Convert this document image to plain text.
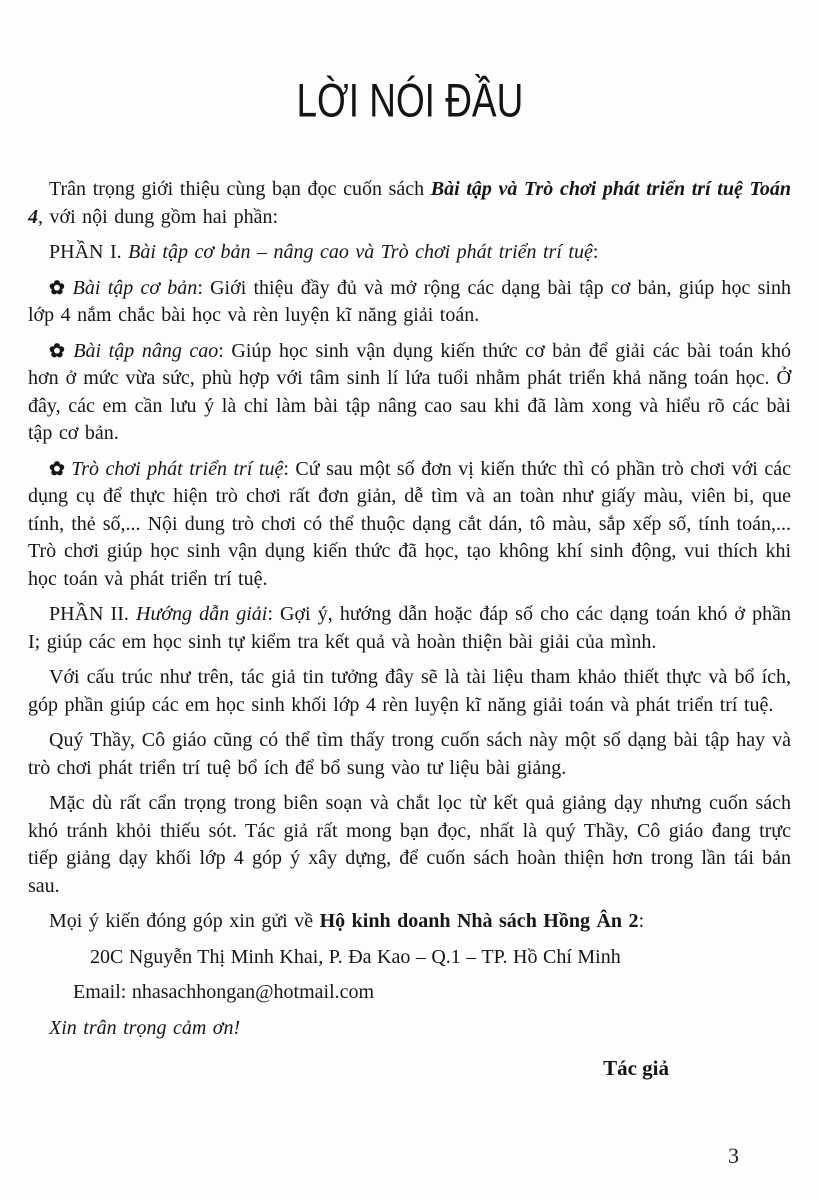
LỜI NÓI ĐẦU

Trân trọng giới thiệu cùng bạn đọc cuốn sách Bài tập và Trò chơi phát triển trí tuệ Toán 4, với nội dung gồm hai phần:

PHẦN I. Bài tập cơ bản – nâng cao và Trò chơi phát triển trí tuệ:

✿ Bài tập cơ bản: Giới thiệu đầy đủ và mở rộng các dạng bài tập cơ bản, giúp học sinh lớp 4 nắm chắc bài học và rèn luyện kĩ năng giải toán.

✿ Bài tập nâng cao: Giúp học sinh vận dụng kiến thức cơ bản để giải các bài toán khó hơn ở mức vừa sức, phù hợp với tâm sinh lí lứa tuổi nhằm phát triển khả năng toán học. Ở đây, các em cần lưu ý là chỉ làm bài tập nâng cao sau khi đã làm xong và hiểu rõ các bài tập cơ bản.

✿ Trò chơi phát triển trí tuệ: Cứ sau một số đơn vị kiến thức thì có phần trò chơi với các dụng cụ để thực hiện trò chơi rất đơn giản, dễ tìm và an toàn như giấy màu, viên bi, que tính, thẻ số,... Nội dung trò chơi có thể thuộc dạng cắt dán, tô màu, sắp xếp số, tính toán,... Trò chơi giúp học sinh vận dụng kiến thức đã học, tạo không khí sinh động, vui thích khi học toán và phát triển trí tuệ.

PHẦN II. Hướng dẫn giải: Gợi ý, hướng dẫn hoặc đáp số cho các dạng toán khó ở phần I; giúp các em học sinh tự kiểm tra kết quả và hoàn thiện bài giải của mình.

Với cấu trúc như trên, tác giả tin tưởng đây sẽ là tài liệu tham khảo thiết thực và bổ ích, góp phần giúp các em học sinh khối lớp 4 rèn luyện kĩ năng giải toán và phát triển trí tuệ.

Quý Thầy, Cô giáo cũng có thể tìm thấy trong cuốn sách này một số dạng bài tập hay và trò chơi phát triển trí tuệ bổ ích để bổ sung vào tư liệu bài giảng.

Mặc dù rất cẩn trọng trong biên soạn và chắt lọc từ kết quả giảng dạy nhưng cuốn sách khó tránh khỏi thiếu sót. Tác giả rất mong bạn đọc, nhất là quý Thầy, Cô giáo đang trực tiếp giảng dạy khối lớp 4 góp ý xây dựng, để cuốn sách hoàn thiện hơn trong lần tái bản sau.

Mọi ý kiến đóng góp xin gửi về Hộ kinh doanh Nhà sách Hồng Ân 2:

20C Nguyễn Thị Minh Khai, P. Đa Kao – Q.1 – TP. Hồ Chí Minh

Email: nhasachhongan@hotmail.com

Xin trân trọng cảm ơn!

Tác giả
3
